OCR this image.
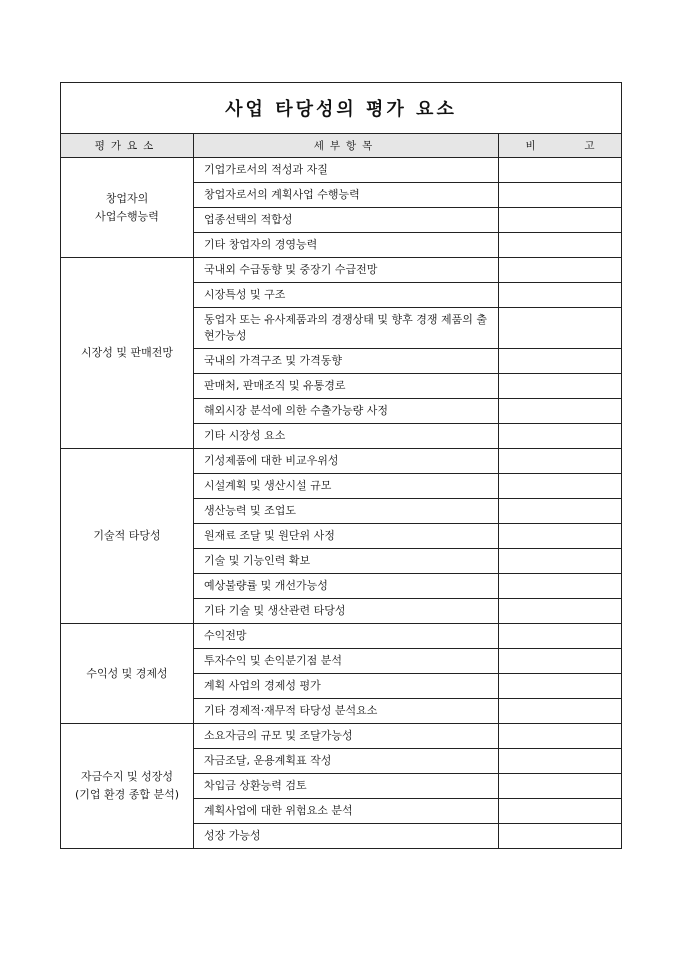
사업 타당성의 평가 요소		
평가요소	세부항목	비 고

창업자의
사업수행능력	기업가로서의 적성과 자질	
	창업자로서의 계획사업 수행능력	
	업종선택의 적합성	
	기타 창업자의 경영능력	

시장성 및 판매전망	국내외 수급동향 및 중장기 수급전망	
	시장특성 및 구조	
	동업자 또는 유사제품과의 경쟁상태 및 향후 경쟁 제품의 출현가능성	
	국내의 가격구조 및 가격동향	
	판매처, 판매조직 및 유통경로	
	해외시장 분석에 의한 수출가능량 사정	
	기타 시장성 요소	

기술적 타당성	기성제품에 대한 비교우위성	
	시설계획 및 생산시설 규모	
	생산능력 및 조업도	
	원재료 조달 및 원단위 사정	
	기술 및 기능인력 확보	
	예상불량률 및 개선가능성	
	기타 기술 및 생산관련 타당성	

수익성 및 경제성	수익전망	
	투자수익 및 손익분기점 분석	
	계획 사업의 경제성 평가	
	기타 경제적·재무적 타당성 분석요소	

자금수지 및 성장성
(기업 환경 종합 분석)	소요자금의 규모 및 조달가능성	
	자금조달, 운용계획표 작성	
	차입금 상환능력 검토	
	계획사업에 대한 위험요소 분석	
	성장 가능성	
